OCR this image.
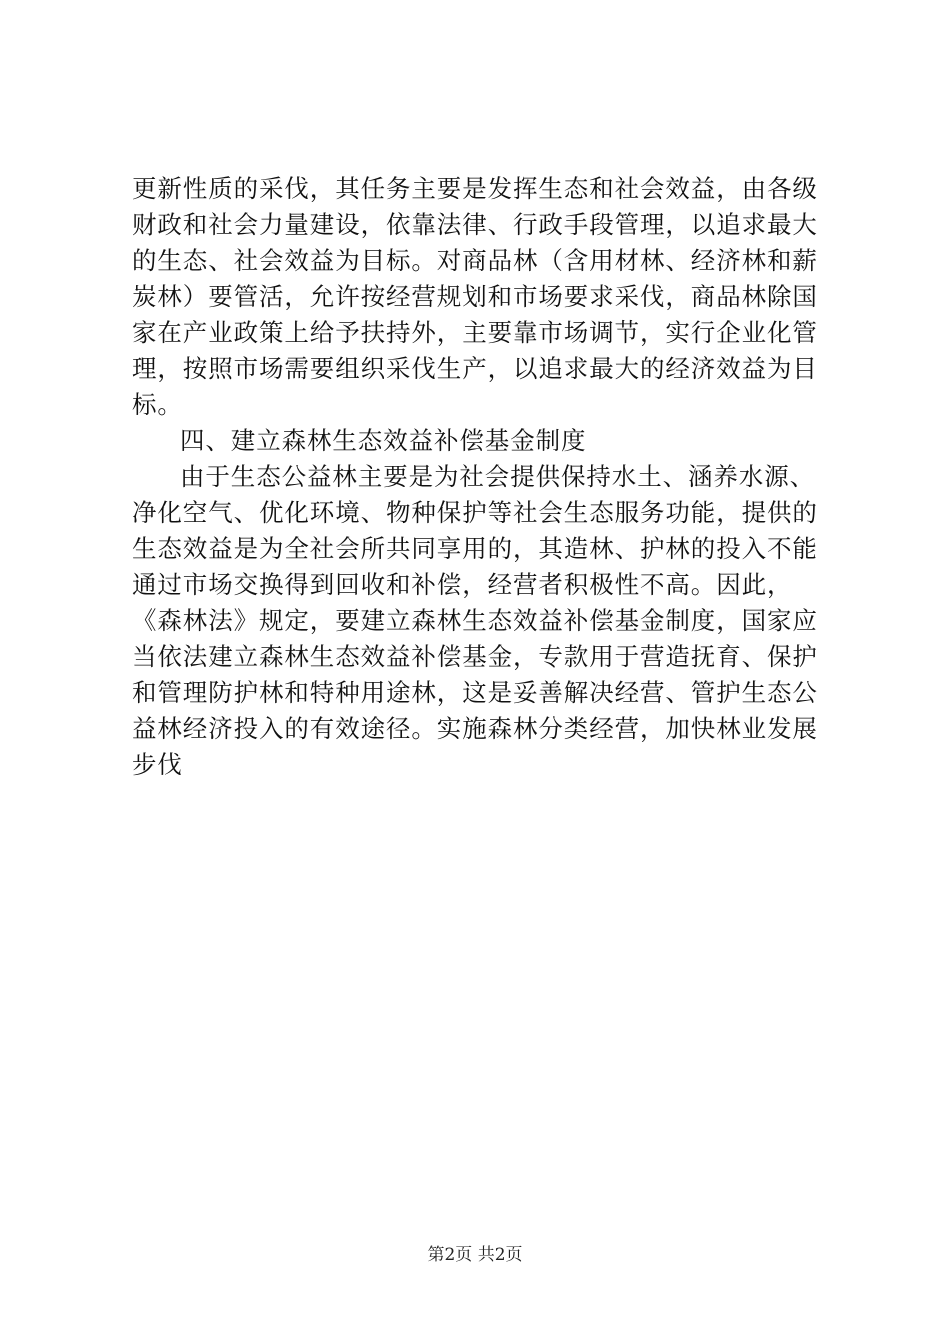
更新性质的采伐，其任务主要是发挥生态和社会效益，由各级
财政和社会力量建设，依靠法律、行政手段管理，以追求最大
的生态、社会效益为目标。对商品林（含用材林、经济林和薪
炭林）要管活，允许按经营规划和市场要求采伐，商品林除国
家在产业政策上给予扶持外，主要靠市场调节，实行企业化管
理，按照市场需要组织采伐生产，以追求最大的经济效益为目
标。
四、建立森林生态效益补偿基金制度
由于生态公益林主要是为社会提供保持水土、涵养水源、
净化空气、优化环境、物种保护等社会生态服务功能，提供的
生态效益是为全社会所共同享用的，其造林、护林的投入不能
通过市场交换得到回收和补偿，经营者积极性不高。因此，
《森林法》规定，要建立森林生态效益补偿基金制度，国家应
当依法建立森林生态效益补偿基金，专款用于营造抚育、保护
和管理防护林和特种用途林，这是妥善解决经营、管护生态公
益林经济投入的有效途径。实施森林分类经营，加快林业发展
步伐
第2页 共2页
